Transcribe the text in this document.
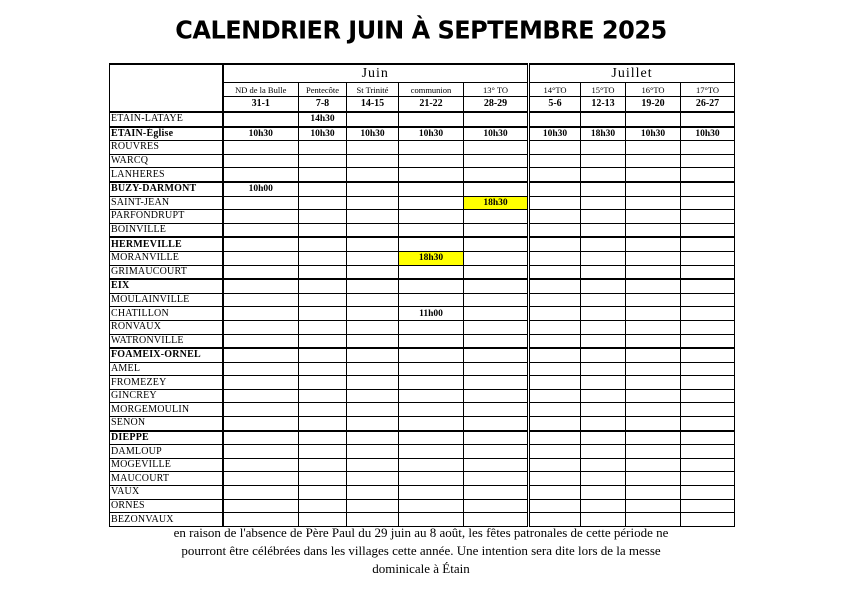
CALENDRIER JUIN À SEPTEMBRE 2025
	Juin					Juillet			
	ND de la Bulle	Pentecôte	St Trinité	communion	13° TO	14°TO	15°TO	16°TO	17°TO
	31-1	7-8	14-15	21-22	28-29	5-6	12-13	19-20	26-27
ETAIN-LATAYE		14h30							
ETAIN-Église	10h30	10h30	10h30	10h30	10h30	10h30	18h30	10h30	10h30
ROUVRES									
WARCQ									
LANHERES									
BUZY-DARMONT	10h00								
SAINT-JEAN					18h30				
PARFONDRUPT									
BOINVILLE									
HERMEVILLE									
MORANVILLE				18h30					
GRIMAUCOURT									
EIX									
MOULAINVILLE									
CHATILLON				11h00					
RONVAUX									
WATRONVILLE									
FOAMEIX-ORNEL									
AMEL									
FROMEZEY									
GINCREY									
MORGEMOULIN									
SENON									
DIEPPE									
DAMLOUP									
MOGEVILLE									
MAUCOURT									
VAUX									
ORNES									
BEZONVAUX									
en raison de l'absence de Père Paul du 29 juin au 8 août, les fêtes patronales de cette période ne
pourront être célébrées dans les villages cette année. Une intention sera dite lors de la messe
dominicale à Étain
